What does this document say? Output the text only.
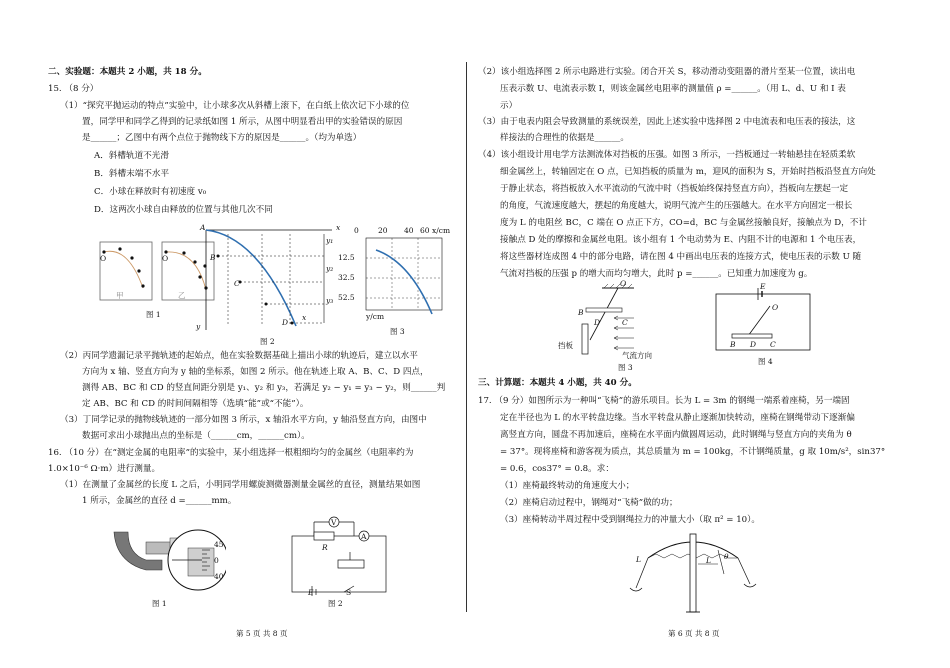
二、实验题：本题共 2 小题，共 18 分。
15. （8 分）
（1）“探究平抛运动的特点”实验中，让小球多次从斜槽上滚下，在白纸上依次记下小球的位
置，同学甲和同学乙得到的记录纸如图 1 所示，从图中明显看出甲的实验错误的原因
是______；乙图中有两个点位于抛物线下方的原因是______。（均为单选）
A．斜槽轨道不光滑
B．斜槽末端不水平
C．小球在释放时有初速度 v₀
D．这两次小球自由释放的位置与其他几次不同
O	O
甲	乙
图 1
A
B
C
D
x
y
y₁
y₂
y₃
x
图 2
0	20 40 60 x/cm
12.5
32.5
52.5
y/cm
图 3
（2）丙同学遗漏记录平抛轨迹的起始点，他在实验数据基础上描出小球的轨迹后，建立以水平
方向为 x 轴、竖直方向为 y 轴的坐标系，如图 2 所示。他在轨迹上取 A、B、C、D 四点，
测得 AB、BC 和 CD 的竖直间距分别是 y₁、y₂ 和 y₃，若满足 y₂ − y₁ = y₃ − y₂，则______判
定 AB、BC 和 CD 的时间间隔相等（选填“能”或“不能”）。
（3）丁同学记录的抛物线轨迹的一部分如图 3 所示，x 轴沿水平方向，y 轴沿竖直方向，由图中
数据可求出小球抛出点的坐标是（______cm，______cm）。
16. （10 分）在“测定金属的电阻率”的实验中，某小组选择一根粗细均匀的金属丝（电阻率约为
1.0×10⁻⁶ Ω·m）进行测量。
（1）在测量了金属丝的长度 L 之后，小明同学用螺旋测微器测量金属丝的直径，测量结果如图
1 所示，金属丝的直径 d =______mm。
45
0
40
图 1
V
A
R
E	S
图 2
第 5 页 共 8 页
（2）该小组选择图 2 所示电路进行实验。闭合开关 S，移动滑动变阻器的滑片至某一位置，读出电
压表示数 U、电流表示数 I，则该金属丝电阻率的测量值 ρ =______。（用 L、d、U 和 I 表
示）
（3）由于电表内阻会导致测量的系统误差，因此上述实验中选择图 2 中电流表和电压表的接法，这
样接法的合理性的依据是______。
（4）该小组设计用电学方法测流体对挡板的压强。如图 3 所示，一挡板通过一转轴悬挂在轻质柔软
细金属丝上，转轴固定在 O 点，已知挡板的质量为 m，迎风的面积为 S，开始时挡板沿竖直方向处
于静止状态，将挡板放入水平流动的气流中时（挡板始终保持竖直方向），挡板向左摆起一定
的角度，气流速度越大，摆起的角度越大，说明气流产生的压强越大。在水平方向固定一根长
度为 L 的电阻丝 BC，C 端在 O 点正下方，CO=d，BC 与金属丝接触良好，接触点为 D，不计
接触点 D 处的摩擦和金属丝电阻。该小组有 1 个电动势为 E、内阻不计的电源和 1 个电压表，
将这些器材连成图 4 中的部分电路，请在图 4 中画出电压表的连接方式，使电压表的示数 U 随
气流对挡板的压强 p 的增大而均匀增大，此时 p =______。已知重力加速度为 g。
O
B
C
D
挡板
气流方向
图 3
E
O
B D C
图 4
三、计算题：本题共 4 小题，共 40 分。
17. （9 分）如图所示为一种叫“飞椅”的游乐项目。长为 L = 3m 的钢绳一端系着座椅，另一端固
定在半径也为 L 的水平转盘边缘。当水平转盘从静止逐渐加快转动，座椅在钢绳带动下逐渐偏
离竖直方向，圆盘不再加速后，座椅在水平面内做圆周运动，此时钢绳与竖直方向的夹角为 θ
= 37°。现将座椅和游客视为质点，其总质量为 m = 100kg，不计钢绳质量，g 取 10m/s²，sin37°
= 0.6，cos37° = 0.8。求：
（1）座椅最终转动的角速度大小；
（2）座椅启动过程中，钢绳对“飞椅”做的功；
（3）座椅转动半周过程中受到钢绳拉力的冲量大小（取 π² = 10）。
L	L θ
第 6 页 共 8 页
